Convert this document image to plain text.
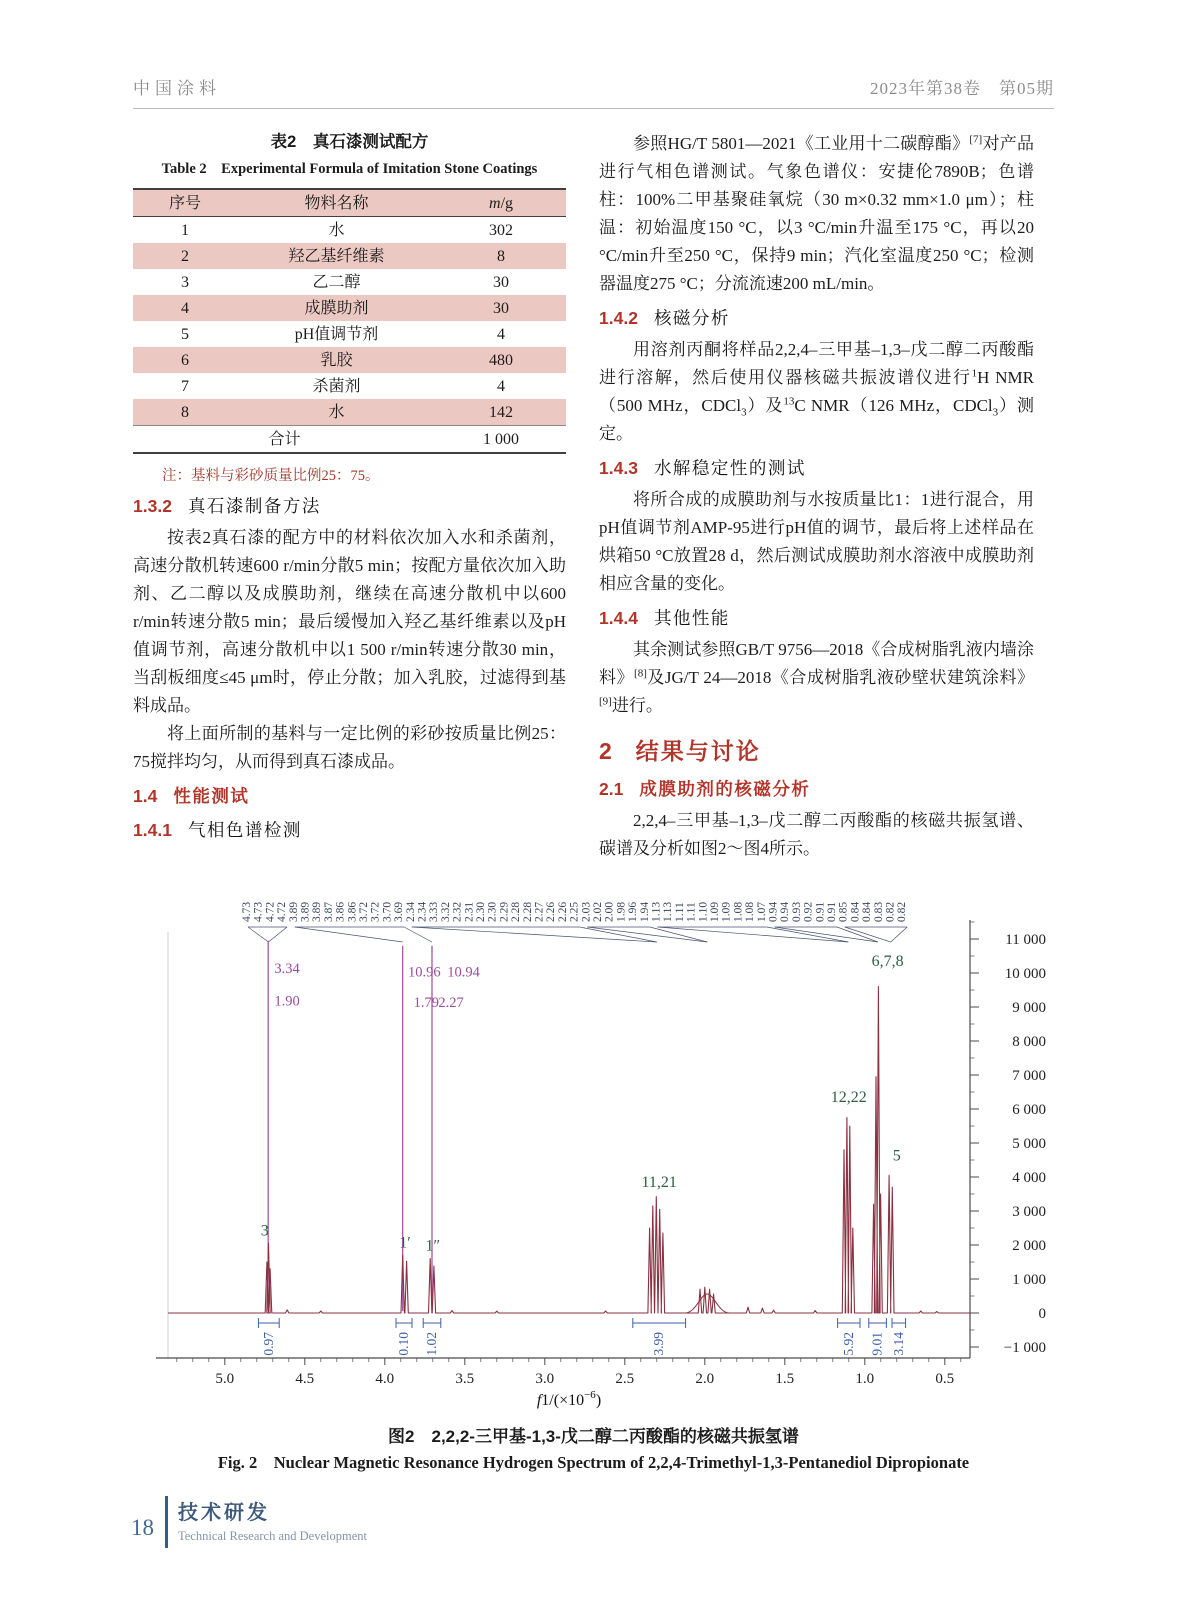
中国涂料	2023年第38卷　第05期
表2　真石漆测试配方
Table 2　Experimental Formula of Imitation Stone Coatings
序号	物料名称	m/g
1	水	302
2	羟乙基纤维素	8
3	乙二醇	30
4	成膜助剂	30
5	pH值调节剂	4
6	乳胶	480
7	杀菌剂	4
8	水	142
合计		1 000
注：基料与彩砂质量比例25：75。
1.3.2 真石漆制备方法

按表2真石漆的配方中的材料依次加入水和杀菌剂，高速分散机转速600 r/min分散5 min；按配方量依次加入助剂、乙二醇以及成膜助剂，继续在高速分散机中以600 r/min转速分散5 min；最后缓慢加入羟乙基纤维素以及pH值调节剂，高速分散机中以1 500 r/min转速分散30 min，当刮板细度≤45 μm时，停止分散；加入乳胶，过滤得到基料成品。

将上面所制的基料与一定比例的彩砂按质量比例25：75搅拌均匀，从而得到真石漆成品。

1.4 性能测试
1.4.1 气相色谱检测

参照HG/T 5801—2021《工业用十二碳醇酯》[7]对产品进行气相色谱测试。气象色谱仪：安捷伦7890B；色谱柱：100%二甲基聚硅氧烷（30 m×0.32 mm×1.0 μm）；柱温：初始温度150 °C，以3 °C/min升温至175 °C，再以20 °C/min升至250 °C，保持9 min；汽化室温度250 °C；检测器温度275 °C；分流流速200 mL/min。

1.4.2 核磁分析

用溶剂丙酮将样品2,2,4–三甲基–1,3–戊二醇二丙酸酯进行溶解，然后使用仪器核磁共振波谱仪进行$^1$H NMR（500 MHz，CDCl$_3$）及$^{13}$C NMR（126 MHz，CDCl$_3$）测定。

1.4.3 水解稳定性的测试

将所合成的成膜助剂与水按质量比1：1进行混合，用pH值调节剂AMP-95进行pH值的调节，最后将上述样品在烘箱50 °C放置28 d，然后测试成膜助剂水溶液中成膜助剂相应含量的变化。

1.4.4 其他性能

其余测试参照GB/T 9756—2018《合成树脂乳液内墙涂料》[8]及JG/T 24—2018《合成树脂乳液砂壁状建筑涂料》[9]进行。

2 结果与讨论
2.1 成膜助剂的核磁分析

2,2,4–三甲基–1,3–戊二醇二丙酸酯的核磁共振氢谱、碳谱及分析如图2～图4所示。

5.0	4.5	4.0	3.5	3.0	2.5	2.0	1.5	1.0	0.5
11 000
10 000
9 000
8 000
7 000
6 000
5 000
4 000
3 000
2 000
1 000
0
−1 000
$f1/(\times 10^{-6})$
4.73 4.73 4.72 4.72 3.89 3.89 3.89 3.87 3.86 3.86 3.72 3.72 3.70 3.69 2.34 2.34 3.33 3.32 2.32 2.31 2.30 2.30 2.29 2.28 2.28 2.27 2.26 2.26 2.25 2.03 2.02 2.00 1.98 1.96 1.94 1.13 1.13 1.11 1.11 1.10 1.09 1.09 1.08 1.08 1.07 0.94 0.94 0.93 0.92 0.91 0.91 0.85 0.84 0.84 0.83 0.82 0.82
3.34
1.90
10.96 10.94
1.79 2.27
3
1′ 1″
11,21
12,22
6,7,8
5
0.97	0.10 1.02	3.99	5.92 9.01 3.14
图2　2,2,2-三甲基-1,3-戊二醇二丙酸酯的核磁共振氢谱
Fig. 2　Nuclear Magnetic Resonance Hydrogen Spectrum of 2,2,4-Trimethyl-1,3-Pentanediol Dipropionate
18
技术研发
Technical Research and Development
